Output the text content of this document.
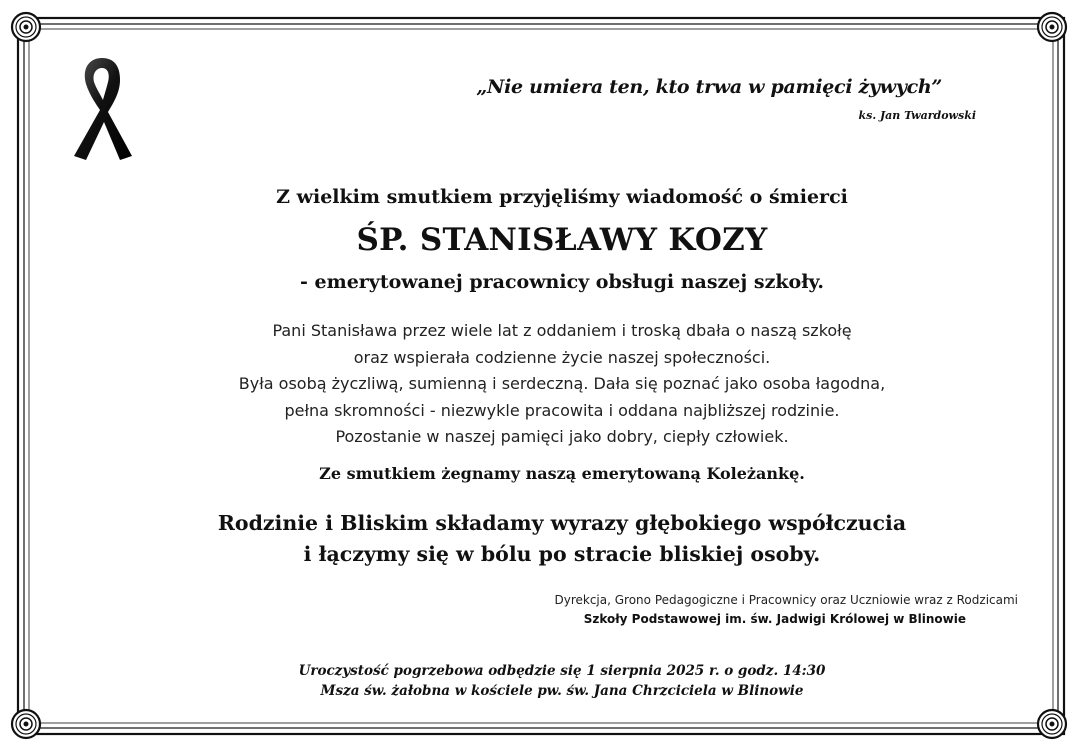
„Nie umiera ten, kto trwa w pamięci żywych”
ks. Jan Twardowski
Z wielkim smutkiem przyjęliśmy wiadomość o śmierci
ŚP. STANISŁAWY KOZY
- emerytowanej pracownicy obsługi naszej szkoły.
Pani Stanisława przez wiele lat z oddaniem i troską dbała o naszą szkołę
oraz wspierała codzienne życie naszej społeczności.
Była osobą życzliwą, sumienną i serdeczną. Dała się poznać jako osoba łagodna,
pełna skromności - niezwykle pracowita i oddana najbliższej rodzinie.
Pozostanie w naszej pamięci jako dobry, ciepły człowiek.
Ze smutkiem żegnamy naszą emerytowaną Koleżankę.
Rodzinie i Bliskim składamy wyrazy głębokiego współczucia
i łączymy się w bólu po stracie bliskiej osoby.
Dyrekcja, Grono Pedagogiczne i Pracownicy oraz Uczniowie wraz z Rodzicami
Szkoły Podstawowej im. św. Jadwigi Królowej w Blinowie
Uroczystość pogrzebowa odbędzie się 1 sierpnia 2025 r. o godz. 14:30
Msza św. żałobna w kościele pw. św. Jana Chrzciciela w Blinowie
